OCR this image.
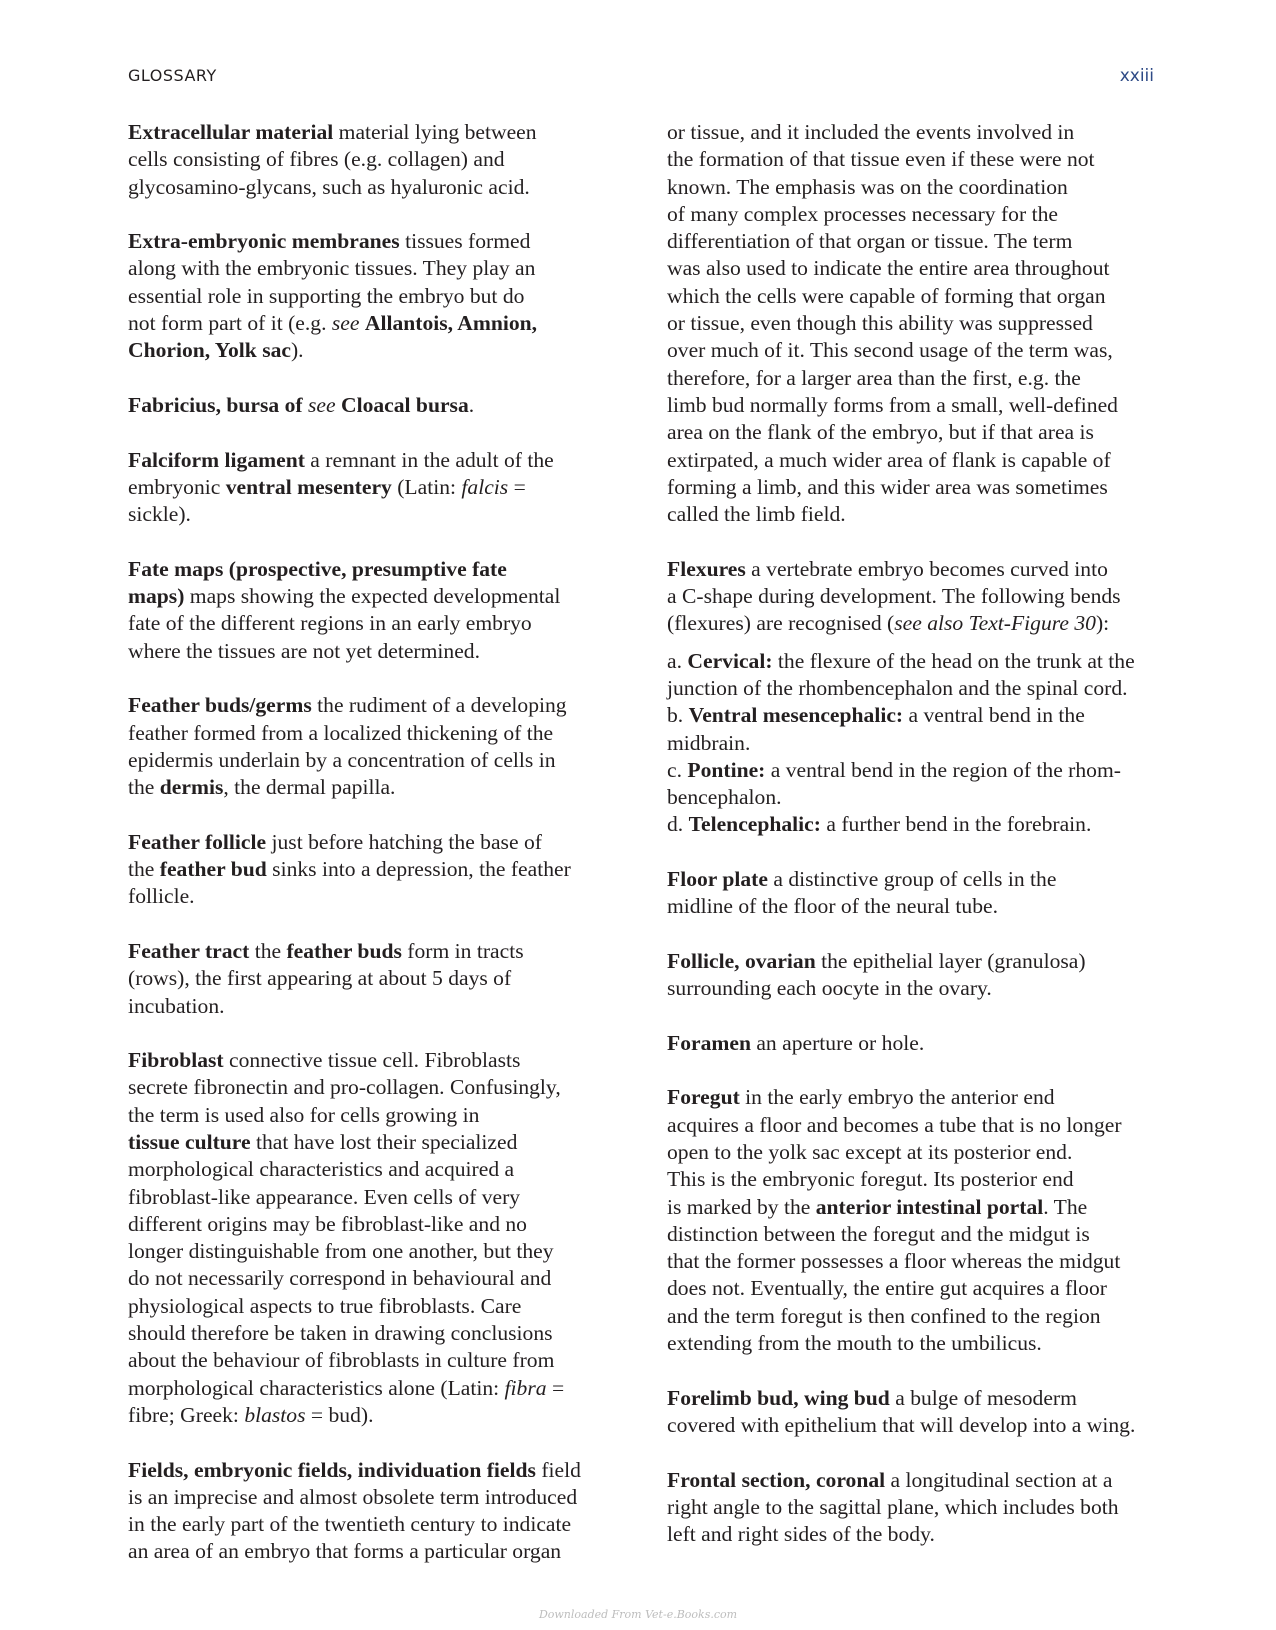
GLOSSARY	xxiii
Extracellular material material lying between
cells consisting of fibres (e.g. collagen) and
glycosamino-glycans, such as hyaluronic acid.
Extra-embryonic membranes tissues formed
along with the embryonic tissues. They play an
essential role in supporting the embryo but do
not form part of it (e.g. see Allantois, Amnion,
Chorion, Yolk sac).
Fabricius, bursa of see Cloacal bursa.
Falciform ligament a remnant in the adult of the
embryonic ventral mesentery (Latin: falcis =
sickle).
Fate maps (prospective, presumptive fate
maps) maps showing the expected developmental
fate of the different regions in an early embryo
where the tissues are not yet determined.
Feather buds/germs the rudiment of a developing
feather formed from a localized thickening of the
epidermis underlain by a concentration of cells in
the dermis, the dermal papilla.
Feather follicle just before hatching the base of
the feather bud sinks into a depression, the feather
follicle.
Feather tract the feather buds form in tracts
(rows), the first appearing at about 5 days of
incubation.
Fibroblast connective tissue cell. Fibroblasts
secrete fibronectin and pro-collagen. Confusingly,
the term is used also for cells growing in
tissue culture that have lost their specialized
morphological characteristics and acquired a
fibroblast-like appearance. Even cells of very
different origins may be fibroblast-like and no
longer distinguishable from one another, but they
do not necessarily correspond in behavioural and
physiological aspects to true fibroblasts. Care
should therefore be taken in drawing conclusions
about the behaviour of fibroblasts in culture from
morphological characteristics alone (Latin: fibra =
fibre; Greek: blastos = bud).
Fields, embryonic fields, individuation fields field
is an imprecise and almost obsolete term introduced
in the early part of the twentieth century to indicate
an area of an embryo that forms a particular organ
or tissue, and it included the events involved in
the formation of that tissue even if these were not
known. The emphasis was on the coordination
of many complex processes necessary for the
differentiation of that organ or tissue. The term
was also used to indicate the entire area throughout
which the cells were capable of forming that organ
or tissue, even though this ability was suppressed
over much of it. This second usage of the term was,
therefore, for a larger area than the first, e.g. the
limb bud normally forms from a small, well-defined
area on the flank of the embryo, but if that area is
extirpated, a much wider area of flank is capable of
forming a limb, and this wider area was sometimes
called the limb field.
Flexures a vertebrate embryo becomes curved into
a C-shape during development. The following bends
(flexures) are recognised (see also Text-Figure 30):
a. Cervical: the flexure of the head on the trunk at the
junction of the rhombencephalon and the spinal cord.
b. Ventral mesencephalic: a ventral bend in the
midbrain.
c. Pontine: a ventral bend in the region of the rhom-
bencephalon.
d. Telencephalic: a further bend in the forebrain.
Floor plate a distinctive group of cells in the
midline of the floor of the neural tube.
Follicle, ovarian the epithelial layer (granulosa)
surrounding each oocyte in the ovary.
Foramen an aperture or hole.
Foregut in the early embryo the anterior end
acquires a floor and becomes a tube that is no longer
open to the yolk sac except at its posterior end.
This is the embryonic foregut. Its posterior end
is marked by the anterior intestinal portal. The
distinction between the foregut and the midgut is
that the former possesses a floor whereas the midgut
does not. Eventually, the entire gut acquires a floor
and the term foregut is then confined to the region
extending from the mouth to the umbilicus.
Forelimb bud, wing bud a bulge of mesoderm
covered with epithelium that will develop into a wing.
Frontal section, coronal a longitudinal section at a
right angle to the sagittal plane, which includes both
left and right sides of the body.
Downloaded From Vet-e.Books.com
